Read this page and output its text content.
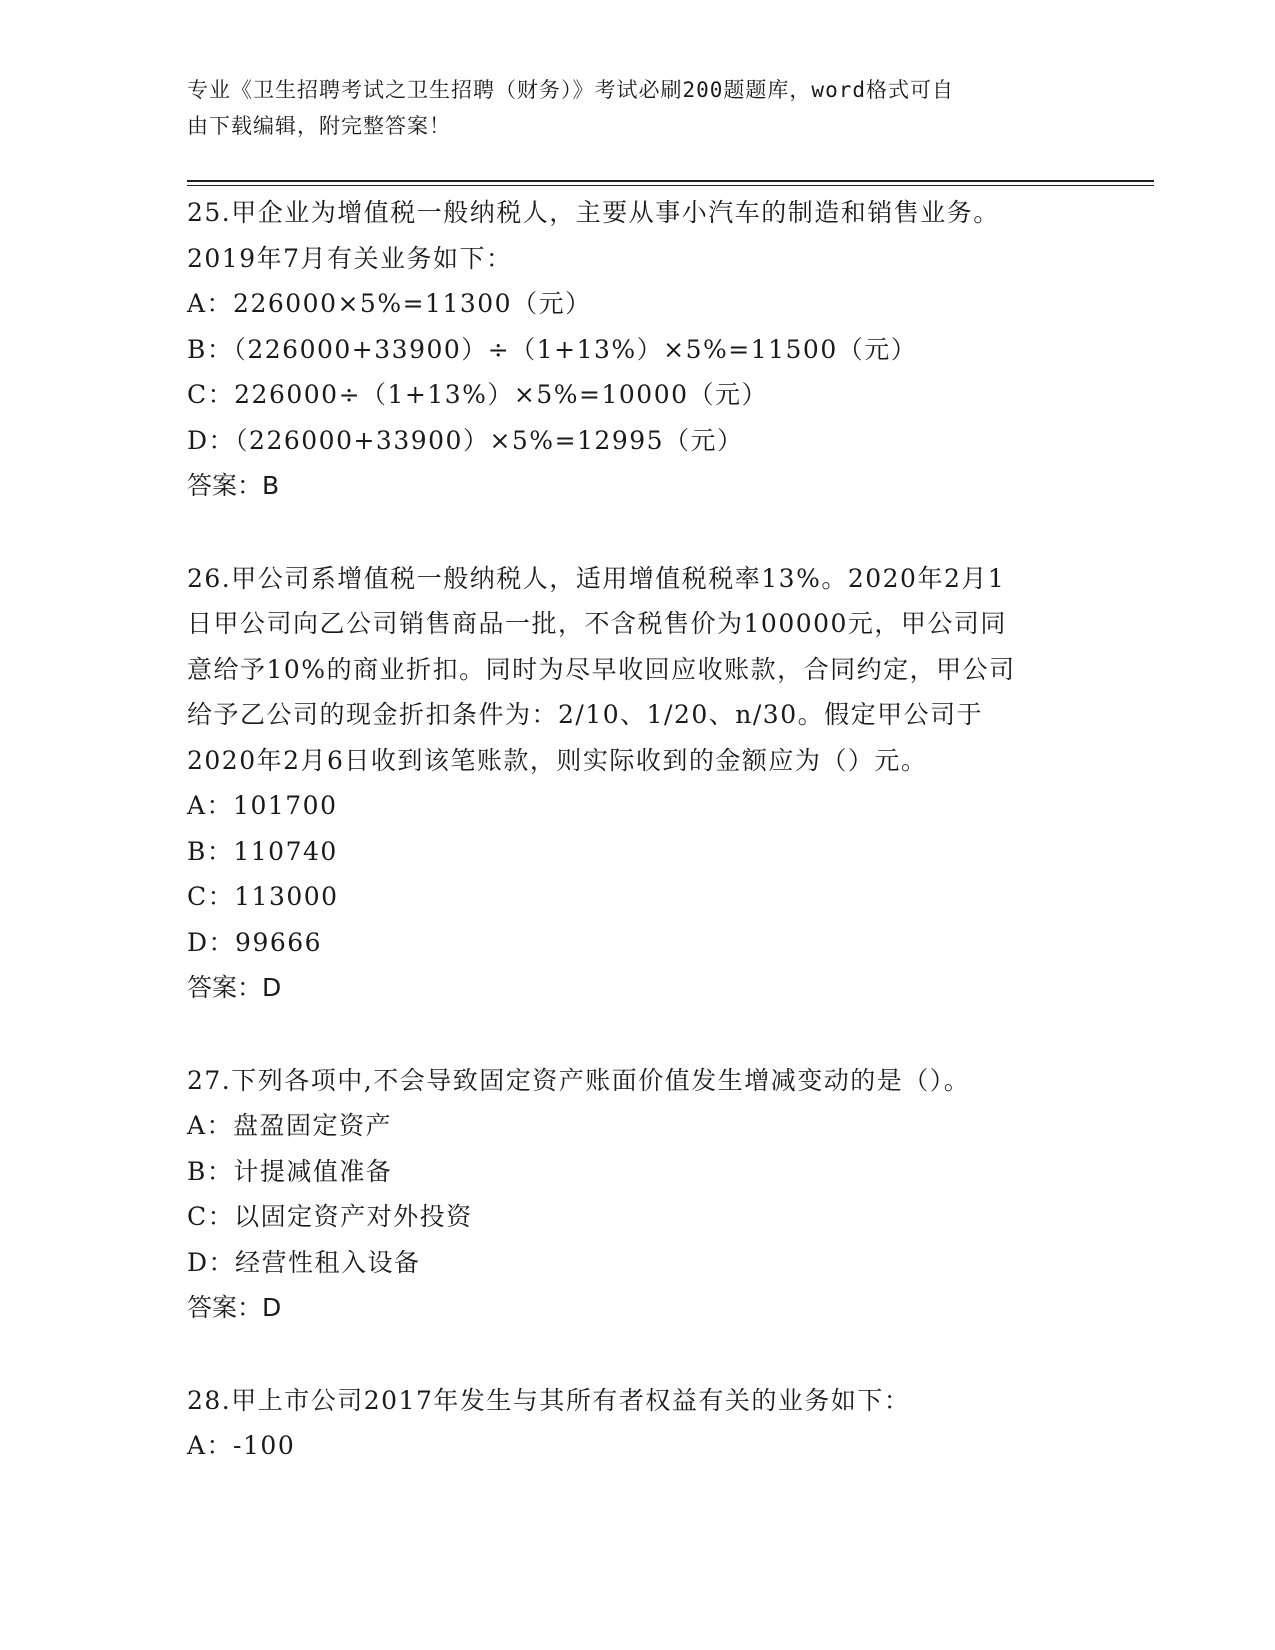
专业《卫生招聘考试之卫生招聘（财务）》考试必刷200题题库，word格式可自
由下载编辑，附完整答案！
25.甲企业为增值税一般纳税人，主要从事小汽车的制造和销售业务。
2019年7月有关业务如下：
A：226000×5%=11300（元）
B：（226000+33900）÷（1+13%）×5%=11500（元）
C：226000÷（1+13%）×5%=10000（元）
D：（226000+33900）×5%=12995（元）
答案：B
26.甲公司系增值税一般纳税人，适用增值税税率13%。2020年2月1
日甲公司向乙公司销售商品一批，不含税售价为100000元，甲公司同
意给予10%的商业折扣。同时为尽早收回应收账款，合同约定，甲公司
给予乙公司的现金折扣条件为：2/10、1/20、n/30。假定甲公司于
2020年2月6日收到该笔账款，则实际收到的金额应为（）元。
A：101700
B：110740
C：113000
D：99666
答案：D
27.下列各项中,不会导致固定资产账面价值发生增减变动的是（）。
A：盘盈固定资产
B：计提减值准备
C：以固定资产对外投资
D：经营性租入设备
答案：D
28.甲上市公司2017年发生与其所有者权益有关的业务如下：
A：-100
